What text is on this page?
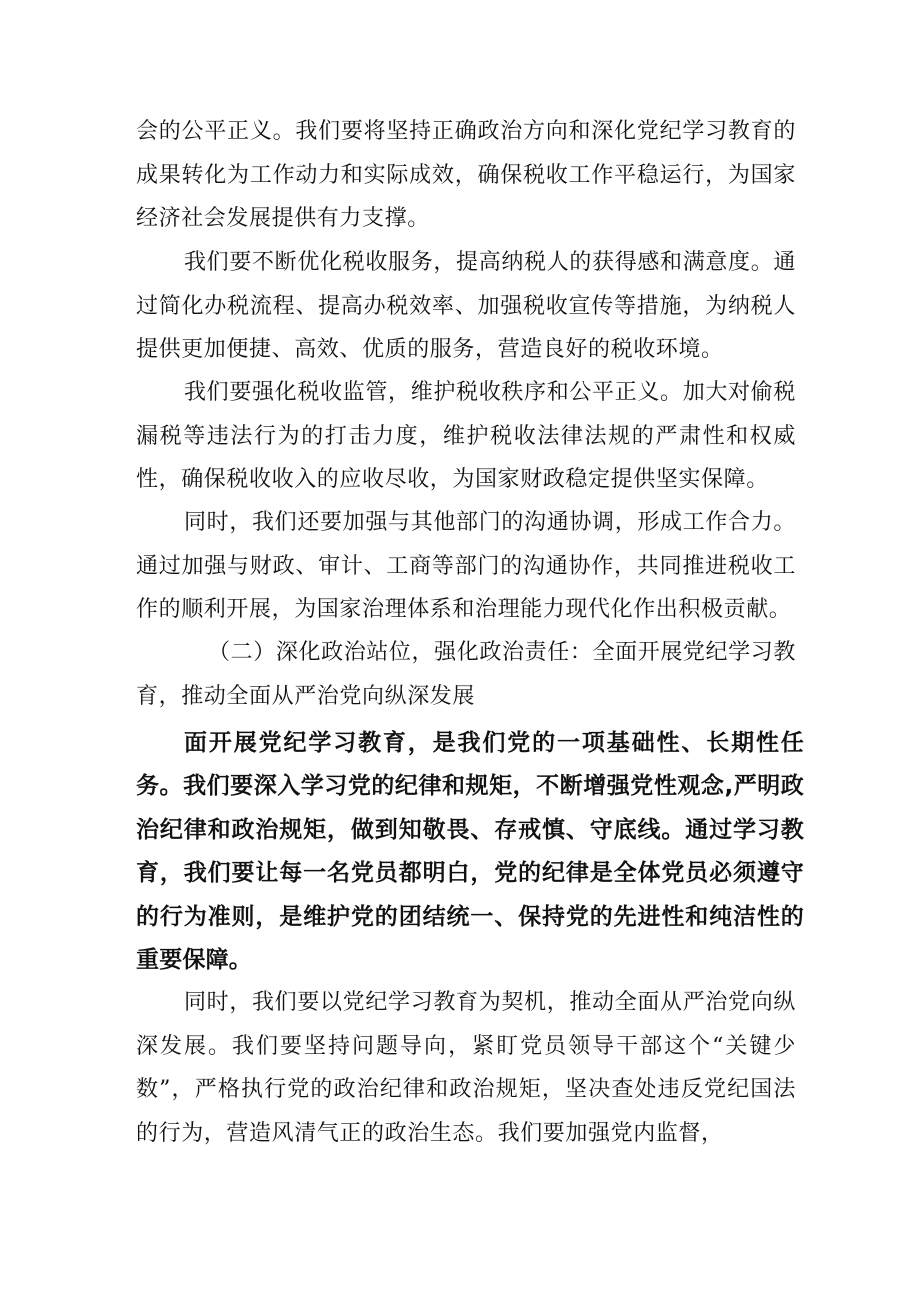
会的公平正义。我们要将坚持正确政治方向和深化党纪学习教育的成果转化为工作动力和实际成效，确保税收工作平稳运行，为国家经济社会发展提供有力支撑。

我们要不断优化税收服务，提高纳税人的获得感和满意度。通过简化办税流程、提高办税效率、加强税收宣传等措施，为纳税人提供更加便捷、高效、优质的服务，营造良好的税收环境。

我们要强化税收监管，维护税收秩序和公平正义。加大对偷税漏税等违法行为的打击力度，维护税收法律法规的严肃性和权威性，确保税收收入的应收尽收，为国家财政稳定提供坚实保障。

同时，我们还要加强与其他部门的沟通协调，形成工作合力。通过加强与财政、审计、工商等部门的沟通协作，共同推进税收工作的顺利开展，为国家治理体系和治理能力现代化作出积极贡献。

（二）深化政治站位，强化政治责任：全面开展党纪学习教育，推动全面从严治党向纵深发展

面开展党纪学习教育，是我们党的一项基础性、长期性任务。我们要深入学习党的纪律和规矩，不断增强党性观念,严明政治纪律和政治规矩，做到知敬畏、存戒慎、守底线。通过学习教育，我们要让每一名党员都明白，党的纪律是全体党员必须遵守的行为准则，是维护党的团结统一、保持党的先进性和纯洁性的重要保障。

同时，我们要以党纪学习教育为契机，推动全面从严治党向纵深发展。我们要坚持问题导向，紧盯党员领导干部这个“关键少数”，严格执行党的政治纪律和政治规矩，坚决查处违反党纪国法的行为，营造风清气正的政治生态。我们要加强党内监督，
